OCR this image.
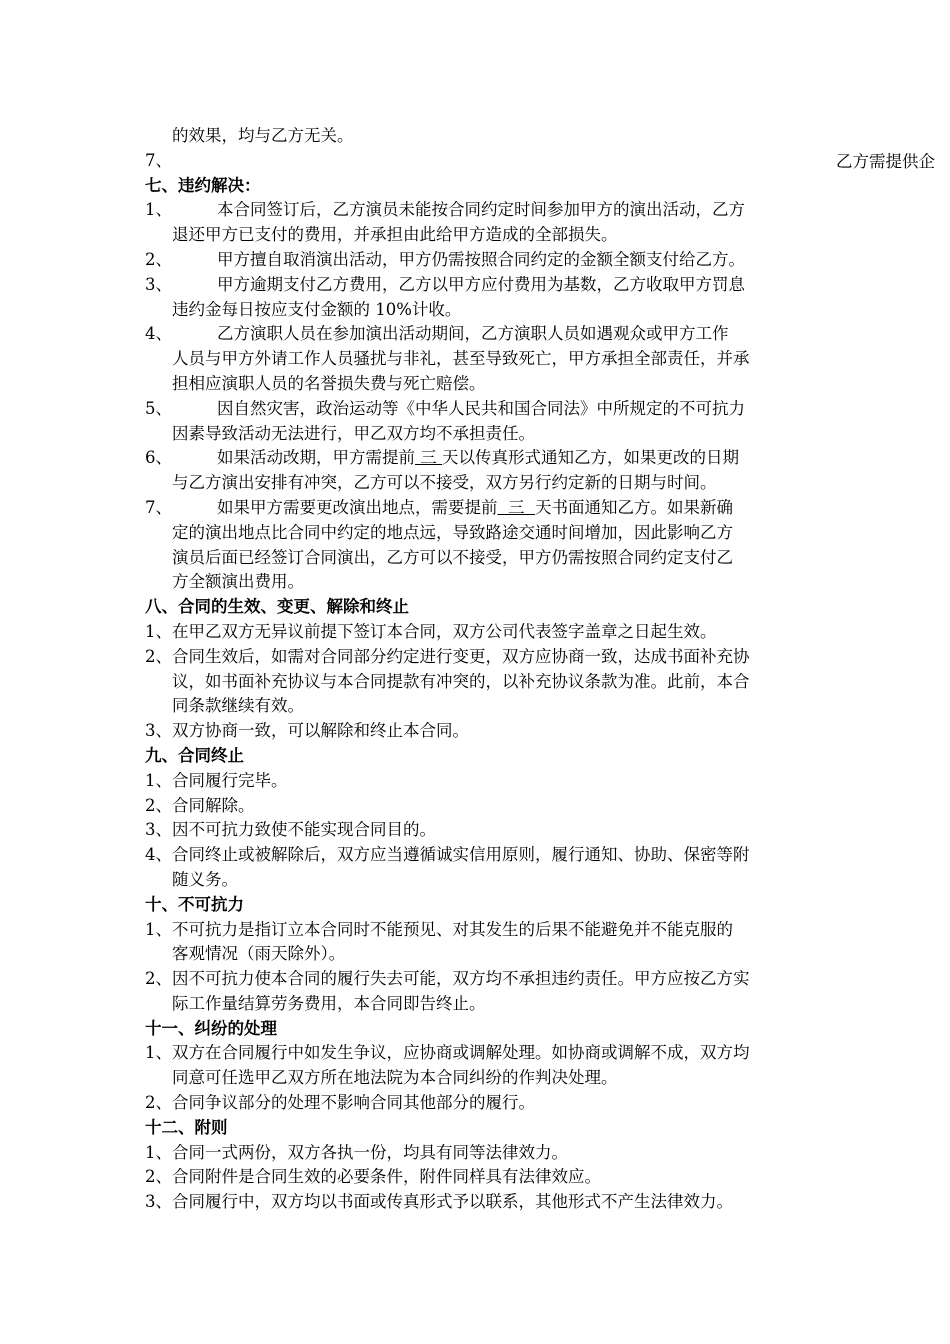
乙方需提供企
的效果，均与乙方无关。
7、
七、违约解决：
1、	本合同签订后，乙方演员未能按合同约定时间参加甲方的演出活动，乙方
退还甲方已支付的费用，并承担由此给甲方造成的全部损失。
2、	甲方擅自取消演出活动，甲方仍需按照合同约定的金额全额支付给乙方。
3、	甲方逾期支付乙方费用，乙方以甲方应付费用为基数，乙方收取甲方罚息
违约金每日按应支付金额的 10%计收。
4、	乙方演职人员在参加演出活动期间，乙方演职人员如遇观众或甲方工作
人员与甲方外请工作人员骚扰与非礼，甚至导致死亡，甲方承担全部责任，并承
担相应演职人员的名誉损失费与死亡赔偿。
5、	因自然灾害，政治运动等《中华人民共和国合同法》中所规定的不可抗力
因素导致活动无法进行，甲乙双方均不承担责任。
6、	如果活动改期，甲方需提前 三 天以传真形式通知乙方，如果更改的日期
与乙方演出安排有冲突，乙方可以不接受，双方另行约定新的日期与时间。
7、	如果甲方需要更改演出地点，需要提前  三  天书面通知乙方。如果新确
定的演出地点比合同中约定的地点远，导致路途交通时间增加，因此影响乙方
演员后面已经签订合同演出，乙方可以不接受，甲方仍需按照合同约定支付乙
方全额演出费用。
八、合同的生效、变更、解除和终止
1、在甲乙双方无异议前提下签订本合同，双方公司代表签字盖章之日起生效。
2、合同生效后，如需对合同部分约定进行变更，双方应协商一致，达成书面补充协
议，如书面补充协议与本合同提款有冲突的，以补充协议条款为准。此前，本合
同条款继续有效。
3、双方协商一致，可以解除和终止本合同。
九、合同终止
1、合同履行完毕。
2、合同解除。
3、因不可抗力致使不能实现合同目的。
4、合同终止或被解除后，双方应当遵循诚实信用原则，履行通知、协助、保密等附
随义务。
十、不可抗力
1、不可抗力是指订立本合同时不能预见、对其发生的后果不能避免并不能克服的
客观情况（雨天除外）。
2、因不可抗力使本合同的履行失去可能，双方均不承担违约责任。甲方应按乙方实
际工作量结算劳务费用，本合同即告终止。
十一、纠纷的处理
1、双方在合同履行中如发生争议，应协商或调解处理。如协商或调解不成，双方均
同意可任选甲乙双方所在地法院为本合同纠纷的作判决处理。
2、合同争议部分的处理不影响合同其他部分的履行。
十二、附则
1、合同一式两份，双方各执一份，均具有同等法律效力。
2、合同附件是合同生效的必要条件，附件同样具有法律效应。
3、合同履行中，双方均以书面或传真形式予以联系，其他形式不产生法律效力。
